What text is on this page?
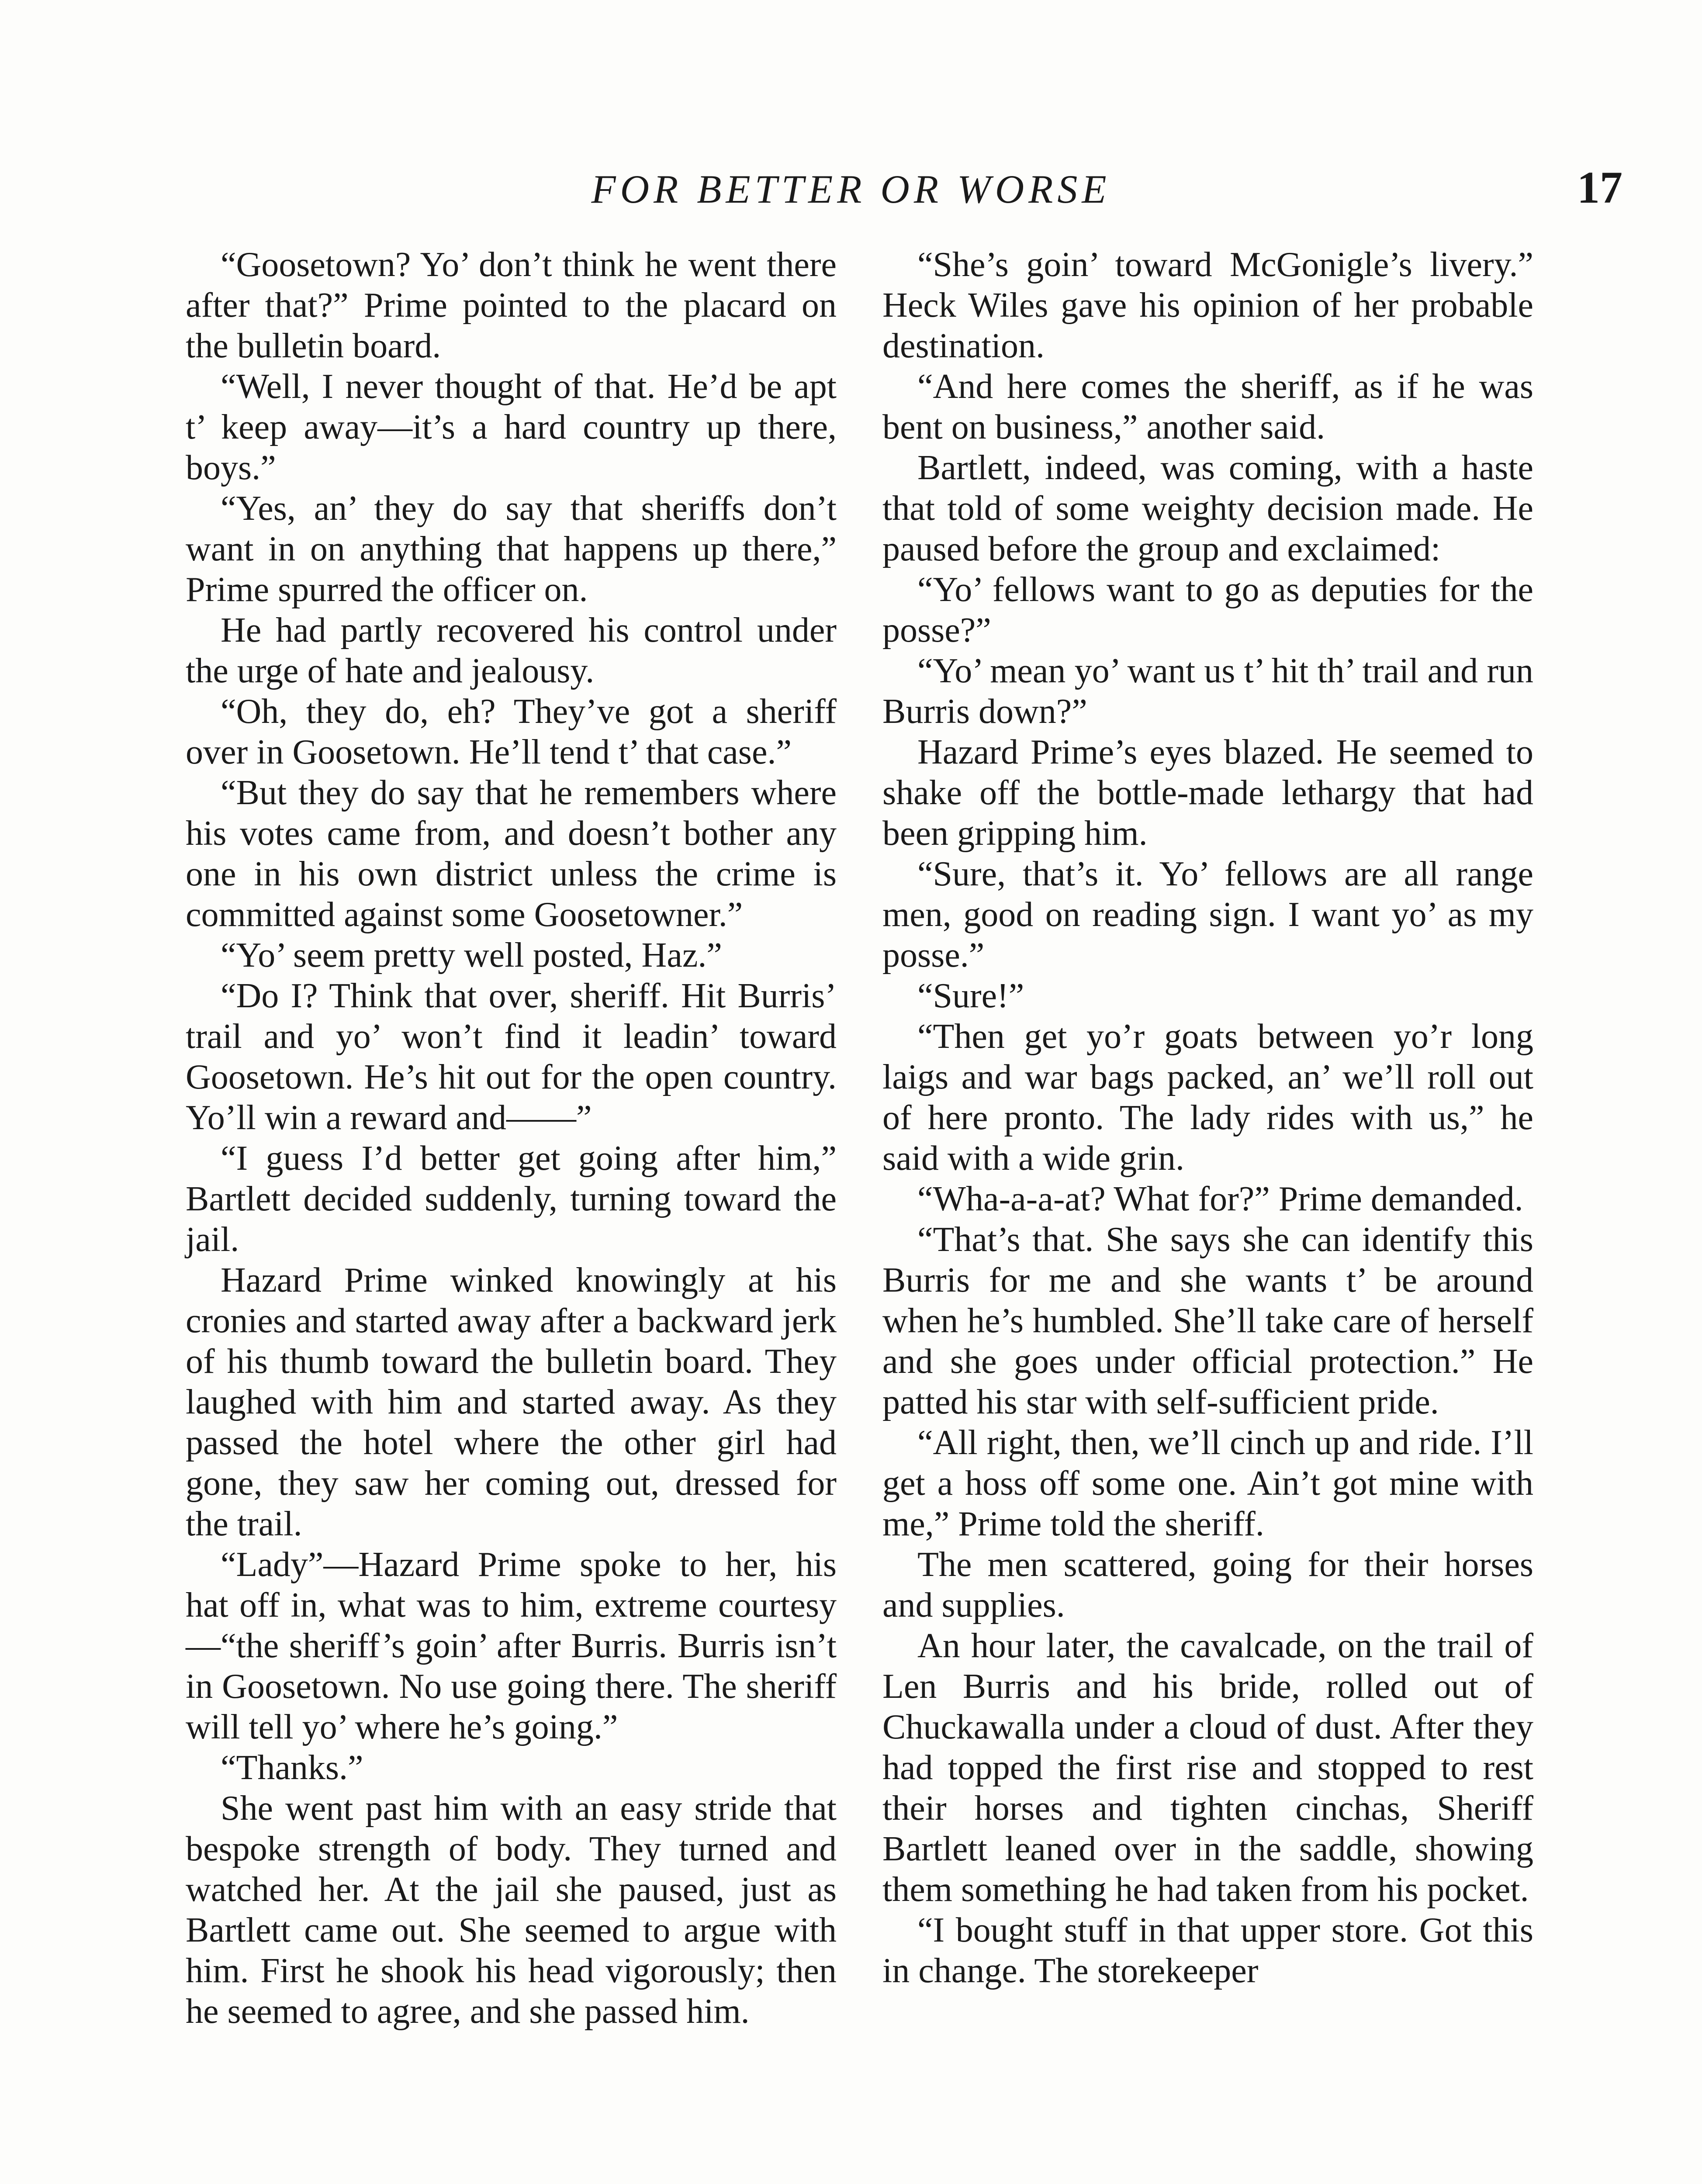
FOR BETTER OR WORSE	17

“Goosetown? Yo’ don’t think he went there after that?” Prime pointed to the placard on the bulletin board.

“Well, I never thought of that. He’d be apt t’ keep away—it’s a hard country up there, boys.”

“Yes, an’ they do say that sheriffs don’t want in on anything that happens up there,” Prime spurred the officer on.

He had partly recovered his control under the urge of hate and jealousy.

“Oh, they do, eh? They’ve got a sheriff over in Goosetown. He’ll tend t’ that case.”

“But they do say that he remembers where his votes came from, and doesn’t bother any one in his own district unless the crime is committed against some Goosetowner.”

“Yo’ seem pretty well posted, Haz.”

“Do I? Think that over, sheriff. Hit Burris’ trail and yo’ won’t find it leadin’ toward Goosetown. He’s hit out for the open country. Yo’ll win a reward and——”

“I guess I’d better get going after him,” Bartlett decided suddenly, turning toward the jail.

Hazard Prime winked knowingly at his cronies and started away after a backward jerk of his thumb toward the bulletin board. They laughed with him and started away. As they passed the hotel where the other girl had gone, they saw her coming out, dressed for the trail.

“Lady”—Hazard Prime spoke to her, his hat off in, what was to him, extreme courtesy—“the sheriff’s goin’ after Burris. Burris isn’t in Goosetown. No use going there. The sheriff will tell yo’ where he’s going.”

“Thanks.”

She went past him with an easy stride that bespoke strength of body. They turned and watched her. At the jail she paused, just as Bartlett came out. She seemed to argue with him. First he shook his head vigorously; then he seemed to agree, and she passed him.

“She’s goin’ toward McGonigle’s livery.” Heck Wiles gave his opinion of her probable destination.

“And here comes the sheriff, as if he was bent on business,” another said.

Bartlett, indeed, was coming, with a haste that told of some weighty decision made. He paused before the group and exclaimed:

“Yo’ fellows want to go as deputies for the posse?”

“Yo’ mean yo’ want us t’ hit th’ trail and run Burris down?”

Hazard Prime’s eyes blazed. He seemed to shake off the bottle-made lethargy that had been gripping him.

“Sure, that’s it. Yo’ fellows are all range men, good on reading sign. I want yo’ as my posse.”

“Sure!”

“Then get yo’r goats between yo’r long laigs and war bags packed, an’ we’ll roll out of here pronto. The lady rides with us,” he said with a wide grin.

“Wha-a-a-at? What for?” Prime demanded.

“That’s that. She says she can identify this Burris for me and she wants t’ be around when he’s humbled. She’ll take care of herself and she goes under official protection.” He patted his star with self-sufficient pride.

“All right, then, we’ll cinch up and ride. I’ll get a hoss off some one. Ain’t got mine with me,” Prime told the sheriff.

The men scattered, going for their horses and supplies.

An hour later, the cavalcade, on the trail of Len Burris and his bride, rolled out of Chuckawalla under a cloud of dust. After they had topped the first rise and stopped to rest their horses and tighten cinchas, Sheriff Bartlett leaned over in the saddle, showing them something he had taken from his pocket.

“I bought stuff in that upper store. Got this in change. The storekeeper
